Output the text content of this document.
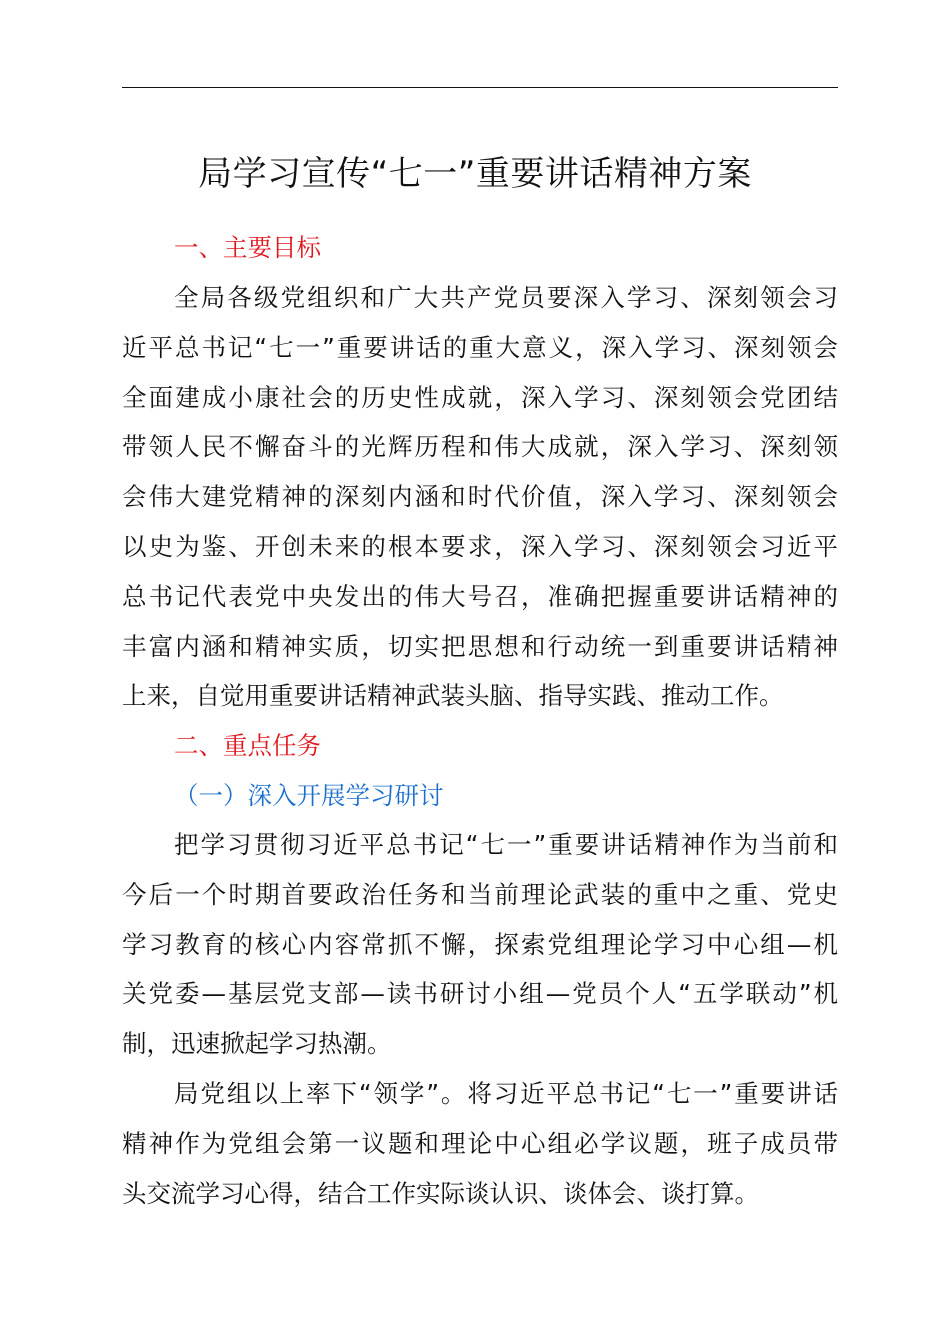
局学习宣传“七一”重要讲话精神方案
一、主要目标
全局各级党组织和广大共产党员要深入学习、深刻领会习
近平总书记“七一”重要讲话的重大意义，深入学习、深刻领会
全面建成小康社会的历史性成就，深入学习、深刻领会党团结
带领人民不懈奋斗的光辉历程和伟大成就，深入学习、深刻领
会伟大建党精神的深刻内涵和时代价值，深入学习、深刻领会
以史为鉴、开创未来的根本要求，深入学习、深刻领会习近平
总书记代表党中央发出的伟大号召，准确把握重要讲话精神的
丰富内涵和精神实质，切实把思想和行动统一到重要讲话精神
上来，自觉用重要讲话精神武装头脑、指导实践、推动工作。
二、重点任务
（一）深入开展学习研讨
把学习贯彻习近平总书记“七一”重要讲话精神作为当前和
今后一个时期首要政治任务和当前理论武装的重中之重、党史
学习教育的核心内容常抓不懈，探索党组理论学习中心组—机
关党委—基层党支部—读书研讨小组—党员个人“五学联动”机
制，迅速掀起学习热潮。
局党组以上率下“领学”。将习近平总书记“七一”重要讲话
精神作为党组会第一议题和理论中心组必学议题，班子成员带
头交流学习心得，结合工作实际谈认识、谈体会、谈打算。
